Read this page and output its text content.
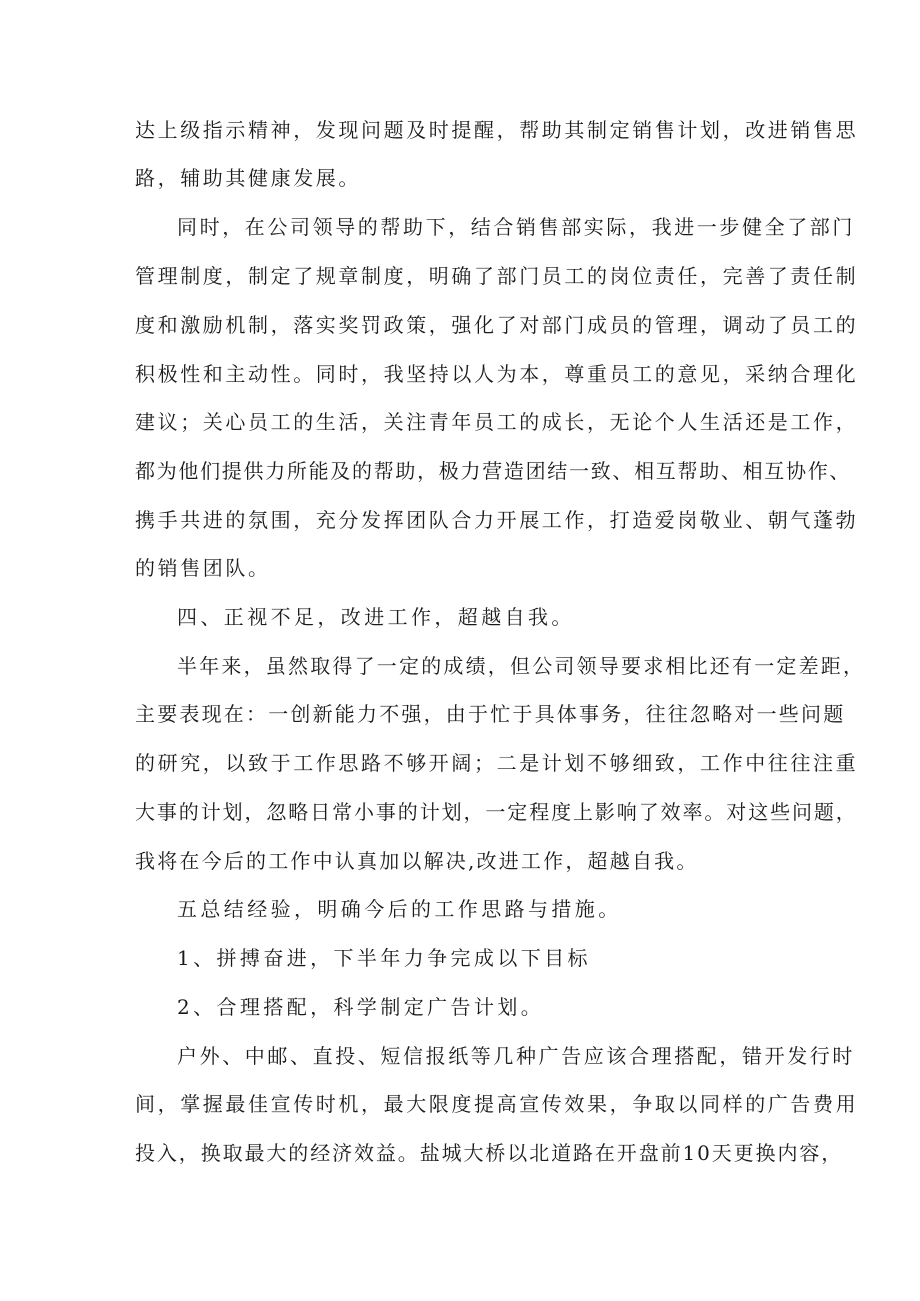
达上级指示精神，发现问题及时提醒，帮助其制定销售计划，改进销售思

路，辅助其健康发展。

同时，在公司领导的帮助下，结合销售部实际，我进一步健全了部门

管理制度，制定了规章制度，明确了部门员工的岗位责任，完善了责任制

度和激励机制，落实奖罚政策，强化了对部门成员的管理，调动了员工的

积极性和主动性。同时，我坚持以人为本，尊重员工的意见，采纳合理化

建议；关心员工的生活，关注青年员工的成长，无论个人生活还是工作，

都为他们提供力所能及的帮助，极力营造团结一致、相互帮助、相互协作、

携手共进的氛围，充分发挥团队合力开展工作，打造爱岗敬业、朝气蓬勃

的销售团队。

四、正视不足，改进工作，超越自我。

半年来，虽然取得了一定的成绩，但公司领导要求相比还有一定差距，

主要表现在：一创新能力不强，由于忙于具体事务，往往忽略对一些问题

的研究，以致于工作思路不够开阔；二是计划不够细致，工作中往往注重

大事的计划，忽略日常小事的计划，一定程度上影响了效率。对这些问题，

我将在今后的工作中认真加以解决,改进工作，超越自我。

五总结经验，明确今后的工作思路与措施。

1、拼搏奋进，下半年力争完成以下目标

2、合理搭配，科学制定广告计划。

户外、中邮、直投、短信报纸等几种广告应该合理搭配，错开发行时

间，掌握最佳宣传时机，最大限度提高宣传效果，争取以同样的广告费用

投入，换取最大的经济效益。盐城大桥以北道路在开盘前10天更换内容，
